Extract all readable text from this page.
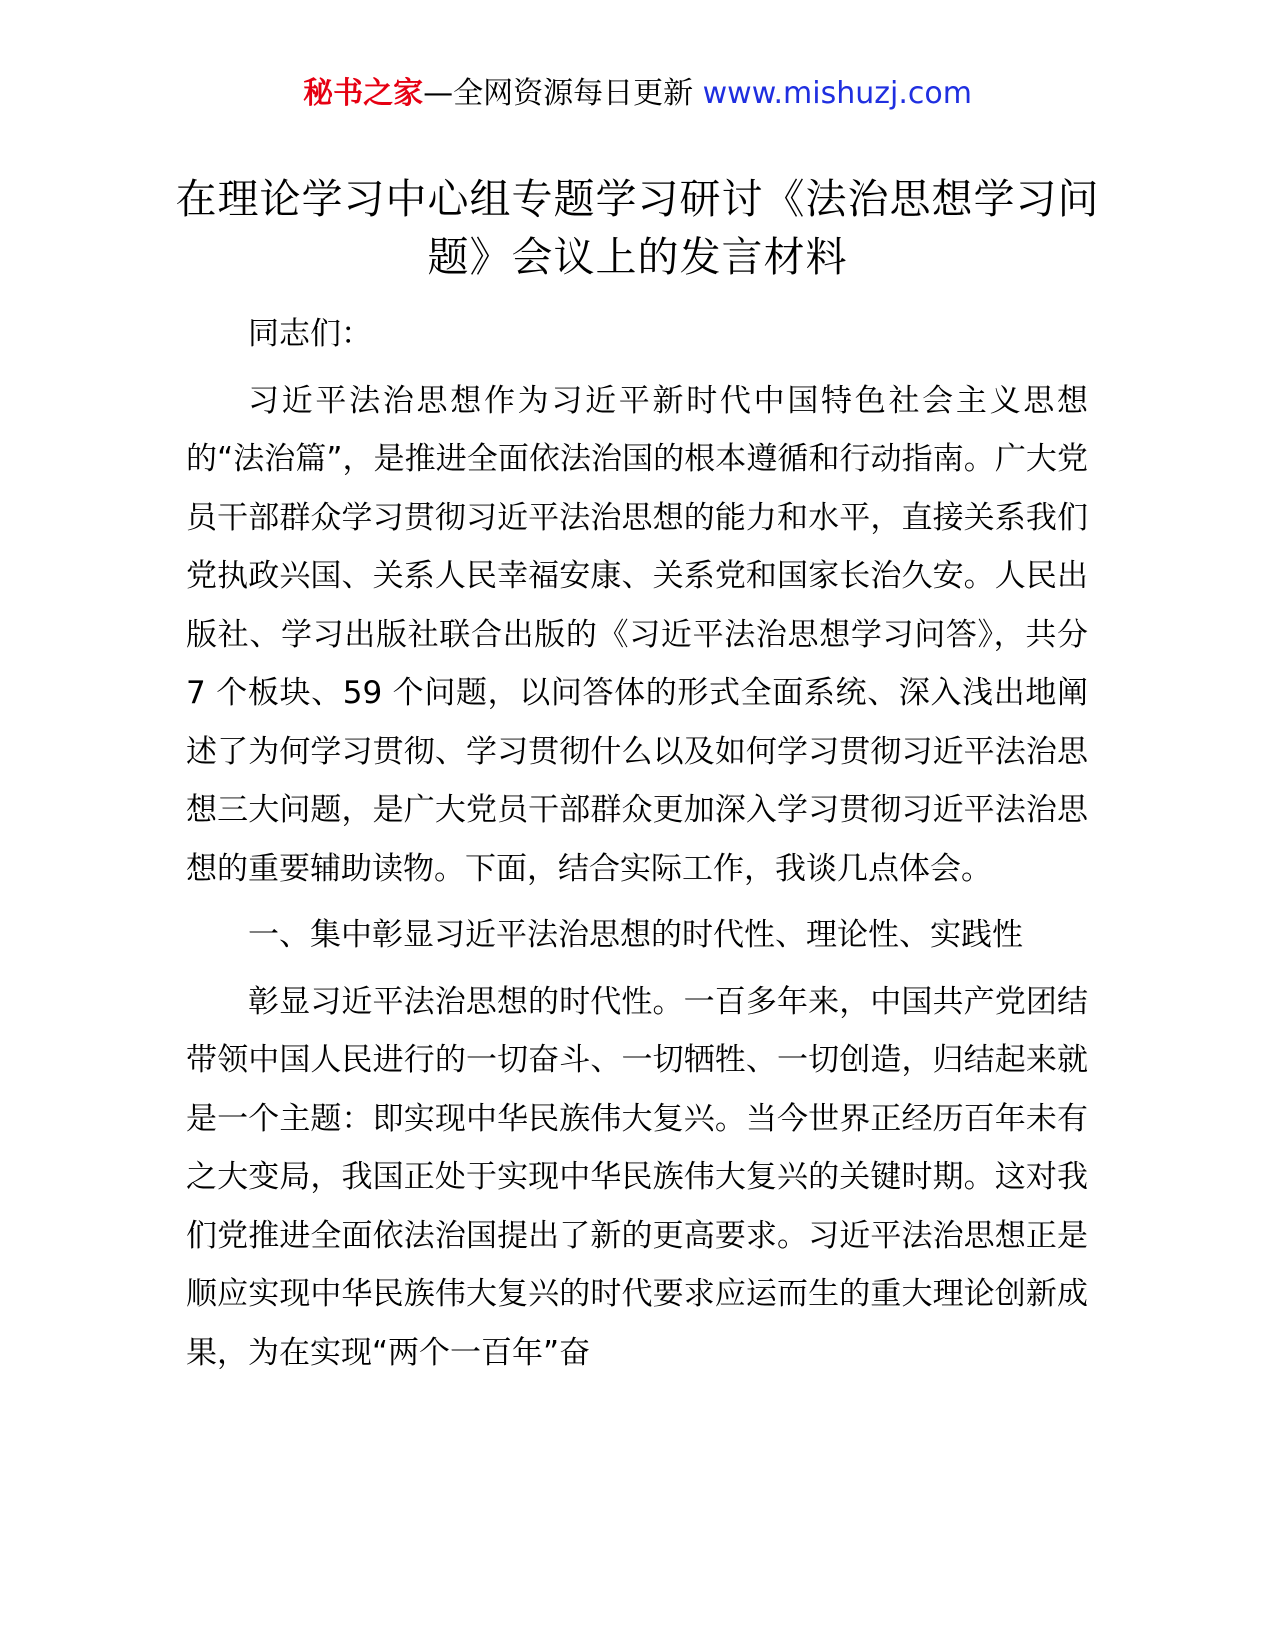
秘书之家—全网资源每日更新 www.mishuzj.com
在理论学习中心组专题学习研讨《法治思想学习问题》会议上的发言材料

同志们：

习近平法治思想作为习近平新时代中国特色社会主义思想的“法治篇”，是推进全面依法治国的根本遵循和行动指南。广大党员干部群众学习贯彻习近平法治思想的能力和水平，直接关系我们党执政兴国、关系人民幸福安康、关系党和国家长治久安。人民出版社、学习出版社联合出版的《习近平法治思想学习问答》，共分 7 个板块、59 个问题，以问答体的形式全面系统、深入浅出地阐述了为何学习贯彻、学习贯彻什么以及如何学习贯彻习近平法治思想三大问题，是广大党员干部群众更加深入学习贯彻习近平法治思想的重要辅助读物。下面，结合实际工作，我谈几点体会。

一、集中彰显习近平法治思想的时代性、理论性、实践性

彰显习近平法治思想的时代性。一百多年来，中国共产党团结带领中国人民进行的一切奋斗、一切牺牲、一切创造，归结起来就是一个主题：即实现中华民族伟大复兴。当今世界正经历百年未有之大变局，我国正处于实现中华民族伟大复兴的关键时期。这对我们党推进全面依法治国提出了新的更高要求。习近平法治思想正是顺应实现中华民族伟大复兴的时代要求应运而生的重大理论创新成果，为在实现“两个一百年”奋
